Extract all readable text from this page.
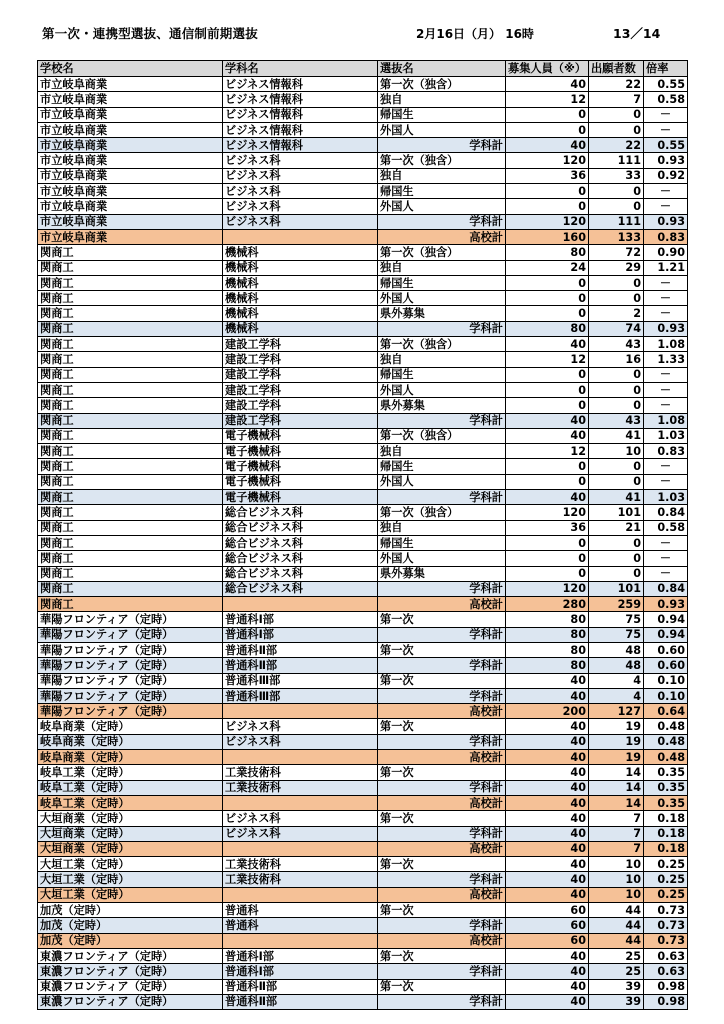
第一次・連携型選抜、通信制前期選抜	2月16日（月） 16時	13／14
学校名	学科名	選抜名	募集人員（※）	出願者数	倍率
市立岐阜商業	ビジネス情報科	第一次（独含）	40	22	0.55
市立岐阜商業	ビジネス情報科	独自	12	7	0.58
市立岐阜商業	ビジネス情報科	帰国生	0	0	－
市立岐阜商業	ビジネス情報科	外国人	0	0	－
市立岐阜商業	ビジネス情報科	学科計	40	22	0.55
市立岐阜商業	ビジネス科	第一次（独含）	120	111	0.93
市立岐阜商業	ビジネス科	独自	36	33	0.92
市立岐阜商業	ビジネス科	帰国生	0	0	－
市立岐阜商業	ビジネス科	外国人	0	0	－
市立岐阜商業	ビジネス科	学科計	120	111	0.93
市立岐阜商業		高校計	160	133	0.83
関商工	機械科	第一次（独含）	80	72	0.90
関商工	機械科	独自	24	29	1.21
関商工	機械科	帰国生	0	0	－
関商工	機械科	外国人	0	0	－
関商工	機械科	県外募集	0	2	－
関商工	機械科	学科計	80	74	0.93
関商工	建設工学科	第一次（独含）	40	43	1.08
関商工	建設工学科	独自	12	16	1.33
関商工	建設工学科	帰国生	0	0	－
関商工	建設工学科	外国人	0	0	－
関商工	建設工学科	県外募集	0	0	－
関商工	建設工学科	学科計	40	43	1.08
関商工	電子機械科	第一次（独含）	40	41	1.03
関商工	電子機械科	独自	12	10	0.83
関商工	電子機械科	帰国生	0	0	－
関商工	電子機械科	外国人	0	0	－
関商工	電子機械科	学科計	40	41	1.03
関商工	総合ビジネス科	第一次（独含）	120	101	0.84
関商工	総合ビジネス科	独自	36	21	0.58
関商工	総合ビジネス科	帰国生	0	0	－
関商工	総合ビジネス科	外国人	0	0	－
関商工	総合ビジネス科	県外募集	0	0	－
関商工	総合ビジネス科	学科計	120	101	0.84
関商工		高校計	280	259	0.93
華陽フロンティア（定時）	普通科Ⅰ部	第一次	80	75	0.94
華陽フロンティア（定時）	普通科Ⅰ部	学科計	80	75	0.94
華陽フロンティア（定時）	普通科Ⅱ部	第一次	80	48	0.60
華陽フロンティア（定時）	普通科Ⅱ部	学科計	80	48	0.60
華陽フロンティア（定時）	普通科Ⅲ部	第一次	40	4	0.10
華陽フロンティア（定時）	普通科Ⅲ部	学科計	40	4	0.10
華陽フロンティア（定時）		高校計	200	127	0.64
岐阜商業（定時）	ビジネス科	第一次	40	19	0.48
岐阜商業（定時）	ビジネス科	学科計	40	19	0.48
岐阜商業（定時）		高校計	40	19	0.48
岐阜工業（定時）	工業技術科	第一次	40	14	0.35
岐阜工業（定時）	工業技術科	学科計	40	14	0.35
岐阜工業（定時）		高校計	40	14	0.35
大垣商業（定時）	ビジネス科	第一次	40	7	0.18
大垣商業（定時）	ビジネス科	学科計	40	7	0.18
大垣商業（定時）		高校計	40	7	0.18
大垣工業（定時）	工業技術科	第一次	40	10	0.25
大垣工業（定時）	工業技術科	学科計	40	10	0.25
大垣工業（定時）		高校計	40	10	0.25
加茂（定時）	普通科	第一次	60	44	0.73
加茂（定時）	普通科	学科計	60	44	0.73
加茂（定時）		高校計	60	44	0.73
東濃フロンティア（定時）	普通科Ⅰ部	第一次	40	25	0.63
東濃フロンティア（定時）	普通科Ⅰ部	学科計	40	25	0.63
東濃フロンティア（定時）	普通科Ⅱ部	第一次	40	39	0.98
東濃フロンティア（定時）	普通科Ⅱ部	学科計	40	39	0.98
